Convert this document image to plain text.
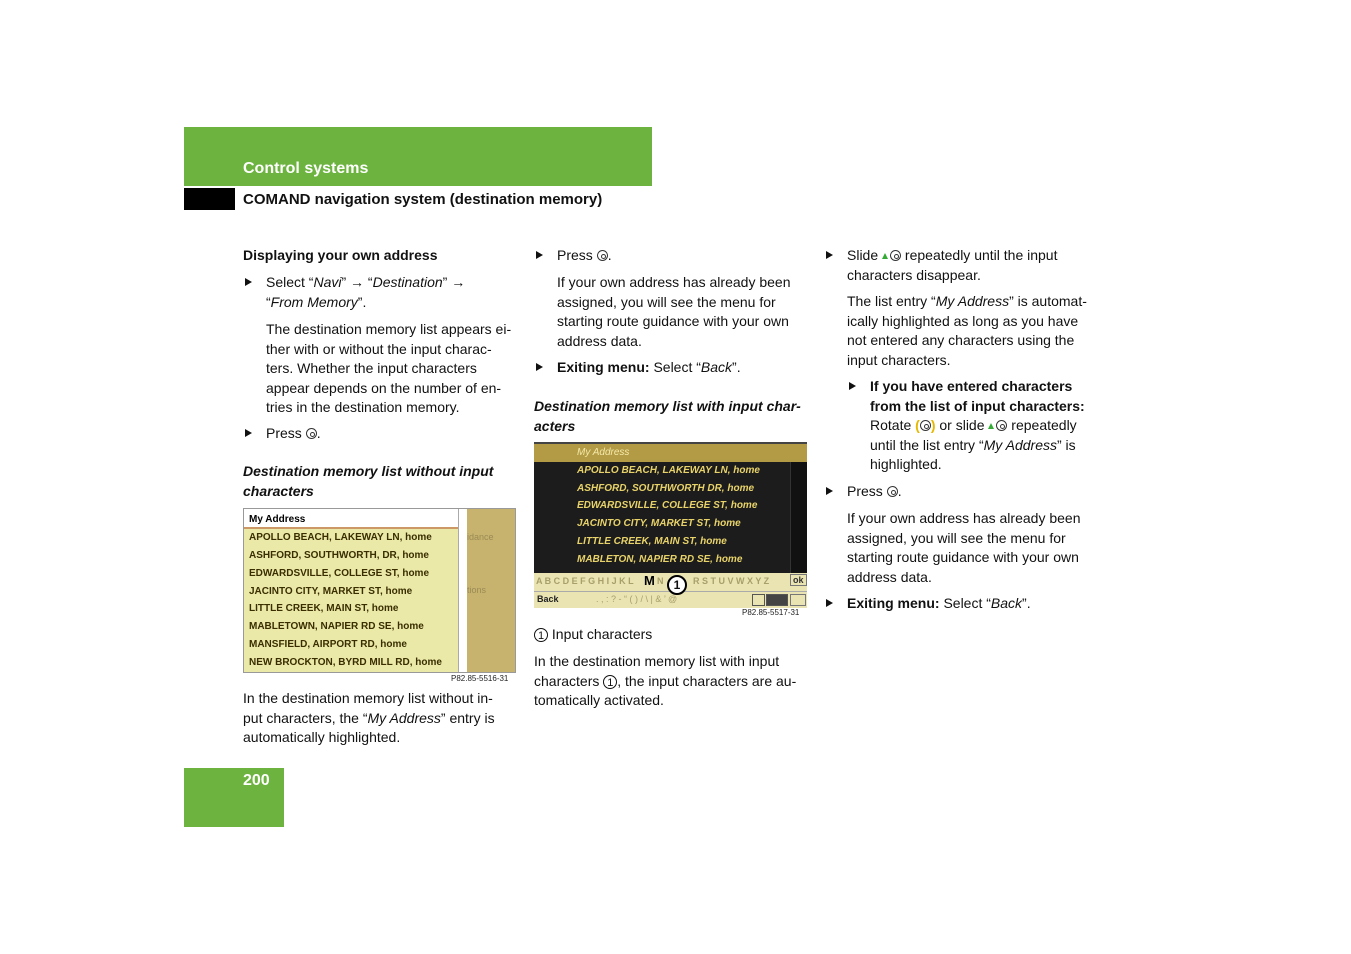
Control systems
COMAND navigation system (destination memory)
200
Displaying your own address
Select “Navi” → “Destination” →
“From Memory”.
The destination memory list appears ei-
ther with or without the input charac-
ters. Whether the input characters
appear depends on the number of en-
tries in the destination memory.
Press .
Destination memory list without input
characters
My Address
APOLLO BEACH, LAKEWAY LN, home
ASHFORD, SOUTHWORTH, DR, home
EDWARDSVILLE, COLLEGE ST, home
JACINTO CITY, MARKET ST, home
LITTLE CREEK, MAIN ST, home
MABLETOWN, NAPIER RD SE, home
MANSFIELD, AIRPORT RD, home
NEW BROCKTON, BYRD MILL RD, home
idance
tions
P82.85-5516-31
In the destination memory list without in-
put characters, the “My Address” entry is
automatically highlighted.
Press .
If your own address has already been
assigned, you will see the menu for
starting route guidance with your own
address data.
Exiting menu: Select “Back”.
Destination memory list with input char-
acters
My Address
APOLLO BEACH, LAKEWAY LN, home
ASHFORD, SOUTHWORTH DR, home
EDWARDSVILLE, COLLEGE ST, home
JACINTO CITY, MARKET ST, home
LITTLE CREEK, MAIN ST, home
MABLETON, NAPIER RD SE, home
A B C D E F G H I J K L M N	R S T U V W X Y Z	ok
Back	. , : ? - “ ( ) / \ | & ’ @
1
P82.85-5517-31
1 Input characters
In the destination memory list with input
characters 1 , the input characters are au-
tomatically activated.
Slide repeatedly until the input
characters disappear.
The list entry “My Address” is automat-
ically highlighted as long as you have
not entered any characters using the
input characters.
If you have entered characters
from the list of input characters:
Rotate ( ) or slide repeatedly
until the list entry “My Address” is
highlighted.
Press .
If your own address has already been
assigned, you will see the menu for
starting route guidance with your own
address data.
Exiting menu: Select “Back”.
